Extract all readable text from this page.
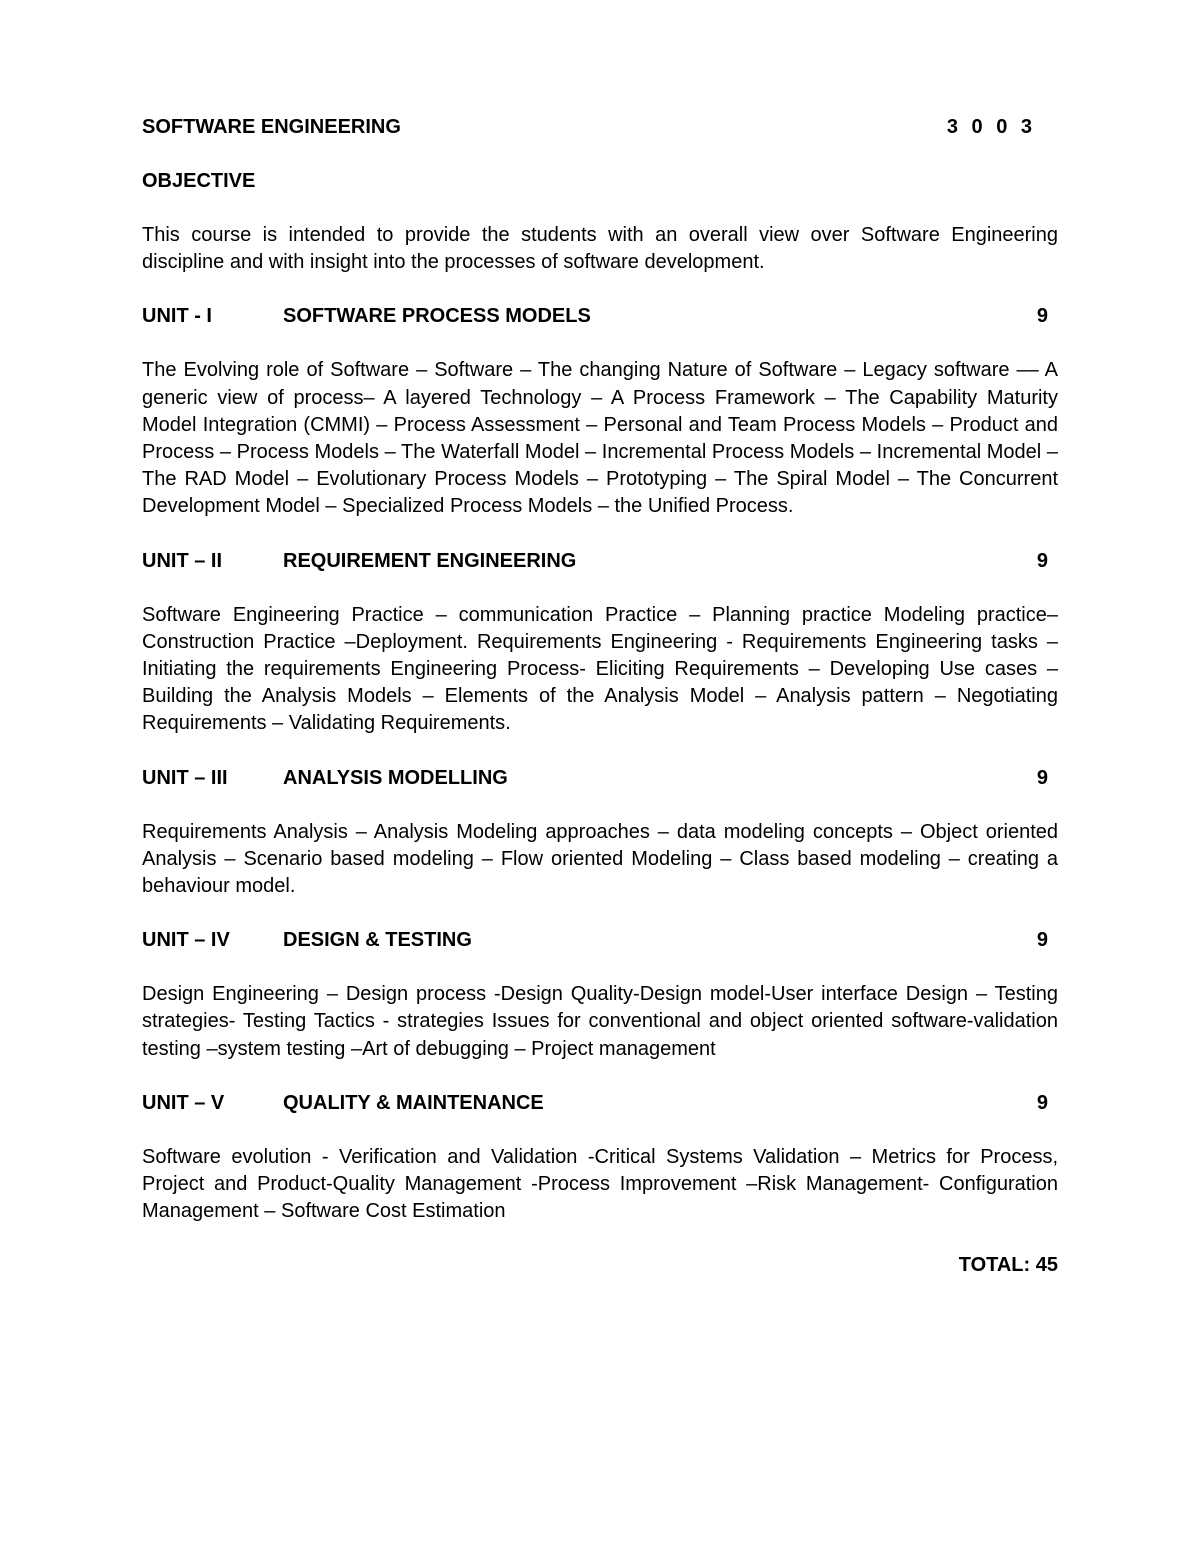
SOFTWARE ENGINEERING	3 0 0 3
OBJECTIVE

This course is intended to provide the students with an overall view over Software Engineering discipline and with insight into the processes of software development.

UNIT - I	SOFTWARE PROCESS MODELS	9

The Evolving role of Software – Software – The changing Nature of Software – Legacy software –– A generic view of process– A layered Technology – A Process Framework – The Capability Maturity Model Integration (CMMI) – Process Assessment – Personal and Team Process Models – Product and Process – Process Models – The Waterfall Model – Incremental Process Models – Incremental Model – The RAD Model – Evolutionary Process Models – Prototyping – The Spiral Model – The Concurrent Development Model – Specialized Process Models – the Unified Process.

UNIT – II	REQUIREMENT ENGINEERING	9

Software Engineering Practice – communication Practice – Planning practice Modeling practice– Construction Practice –Deployment. Requirements Engineering - Requirements Engineering tasks – Initiating the requirements Engineering Process- Eliciting Requirements – Developing Use cases – Building the Analysis Models – Elements of the Analysis Model – Analysis pattern – Negotiating Requirements – Validating Requirements.

UNIT – III	ANALYSIS MODELLING	9

Requirements Analysis – Analysis Modeling approaches – data modeling concepts – Object oriented Analysis – Scenario based modeling – Flow oriented Modeling – Class based modeling – creating a behaviour model.

UNIT – IV	DESIGN & TESTING	9

Design Engineering – Design process -Design Quality-Design model-User interface Design – Testing strategies- Testing Tactics - strategies Issues for conventional and object oriented software-validation testing –system testing –Art of debugging – Project management

UNIT – V	QUALITY & MAINTENANCE	9

Software evolution - Verification and Validation -Critical Systems Validation – Metrics for Process, Project and Product-Quality Management -Process Improvement –Risk Management- Configuration Management – Software Cost Estimation

TOTAL: 45
